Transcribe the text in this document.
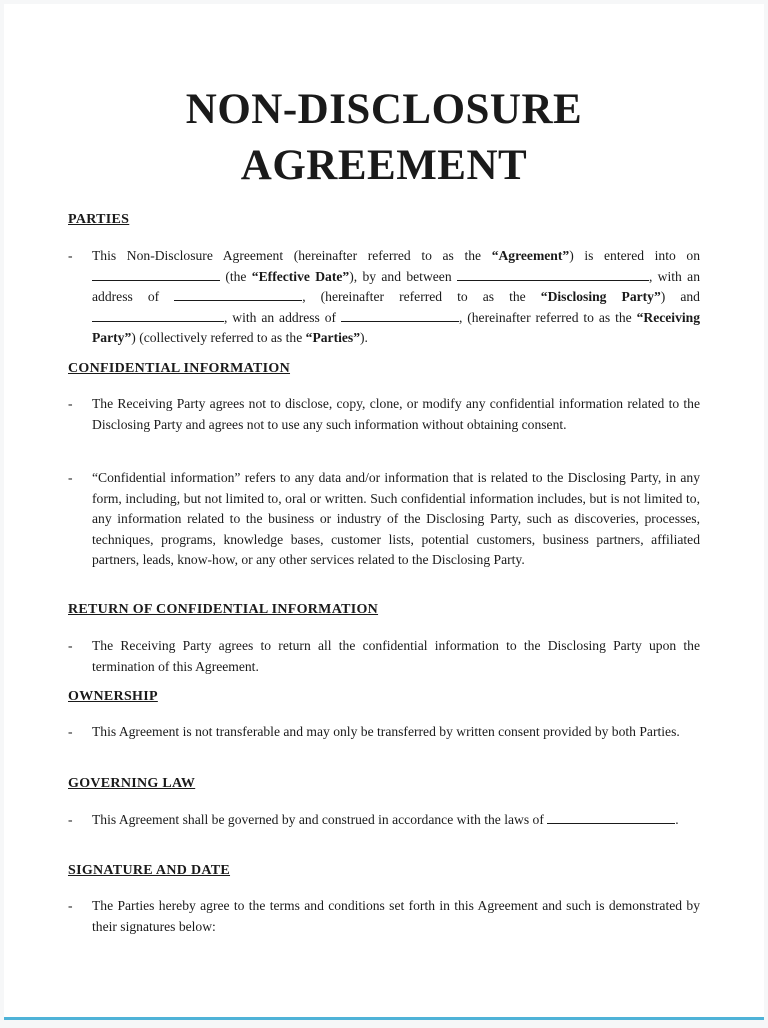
NON-DISCLOSURE
AGREEMENT
PARTIES
-	This Non-Disclosure Agreement (hereinafter referred to as the “Agreement”) is entered into on  (the “Effective Date”), by and between	, with an address of	, (hereinafter referred to as the “Disclosing Party”) and , with an address of	, (hereinafter referred to as the “Receiving Party”) (collectively referred to as the “Parties”).
CONFIDENTIAL INFORMATION
-	The Receiving Party agrees not to disclose, copy, clone, or modify any confidential information related to the Disclosing Party and agrees not to use any such information without obtaining consent.
-	“Confidential information” refers to any data and/or information that is related to the Disclosing Party, in any form, including, but not limited to, oral or written. Such confidential information includes, but is not limited to, any information related to the business or industry of the Disclosing Party, such as discoveries, processes, techniques, programs, knowledge bases, customer lists, potential customers, business partners, affiliated partners, leads, know-how, or any other services related to the Disclosing Party.
RETURN OF CONFIDENTIAL INFORMATION
-	The Receiving Party agrees to return all the confidential information to the Disclosing Party upon the termination of this Agreement.
OWNERSHIP
-	This Agreement is not transferable and may only be transferred by written consent provided by both Parties.
GOVERNING LAW
-	This Agreement shall be governed by and construed in accordance with the laws of	.
SIGNATURE AND DATE
-	The Parties hereby agree to the terms and conditions set forth in this Agreement and such is demonstrated by their signatures below:
